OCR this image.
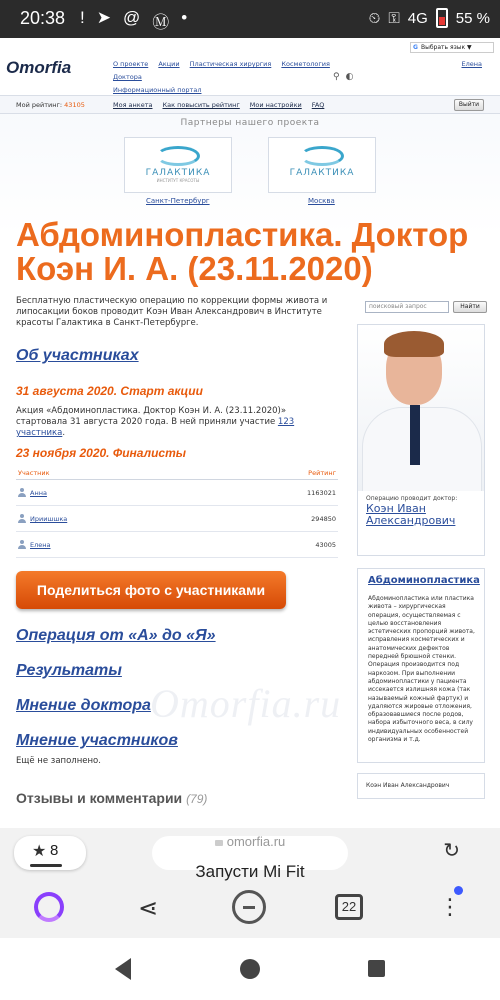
20:38 ! ➤ @ Ⓜ •	⏲ ⚿ 4G 55 %
Omorfia	О проекте Акции Пластическая хирургия Косметология Доктора
Информационный портал
G Выбрать язык ▼
Елена
⚲ ◐
Мой рейтинг: 43105	Моя анкета Как повысить рейтинг Мои настройки FAQ	Выйти
Партнеры нашего проекта
ГАЛАКТИКА
ИНСТИТУТ КРАСОТЫ
Санкт-Петербург
ГАЛАКТИКА
Москва
Абдоминопластика. Доктор Коэн И. А. (23.11.2020)

Бесплатную пластическую операцию по коррекции формы живота и липосакции боков проводит Коэн Иван Александрович в Институте красоты Галактика в Санкт-Петербурге.

поисковый запрос	Найти
Об участниках
31 августа 2020. Старт акции

Акция «Абдоминопластика. Доктор Коэн И. А. (23.11.2020)» стартовала 31 августа 2020 года. В ней приняли участие 123 участника.

23 ноября 2020. Финалисты
Участник	Рейтинг
Анна	1163021
Ириишшка	294850
Елена	43005
Поделиться фото с участниками
Omorfia.ru
Операция от «А» до «Я»
Результаты
Мнение доктора
Мнение участников

Ещё не заполнено.

Отзывы и комментарии (79)
Операцию проводит доктор:
Коэн Иван Александрович
Абдоминопластика

Абдоминопластика или пластика живота – хирургическая операция, осуществляемая с целью восстановления эстетических пропорций живота, исправления косметических и анатомических дефектов передней брюшной стенки. Операция производится под наркозом. При выполнении абдоминопластики у пациента иссекается излишняя кожа (так называемый кожный фартук) и удаляются жировые отложения, образовавшиеся после родов, набора избыточного веса, в силу индивидуальных особенностей организма и т.д.

Коэн Иван Александрович
★ 8
omorfia.ru
Запусти Mi Fit
↻
⋖	22	⋮
